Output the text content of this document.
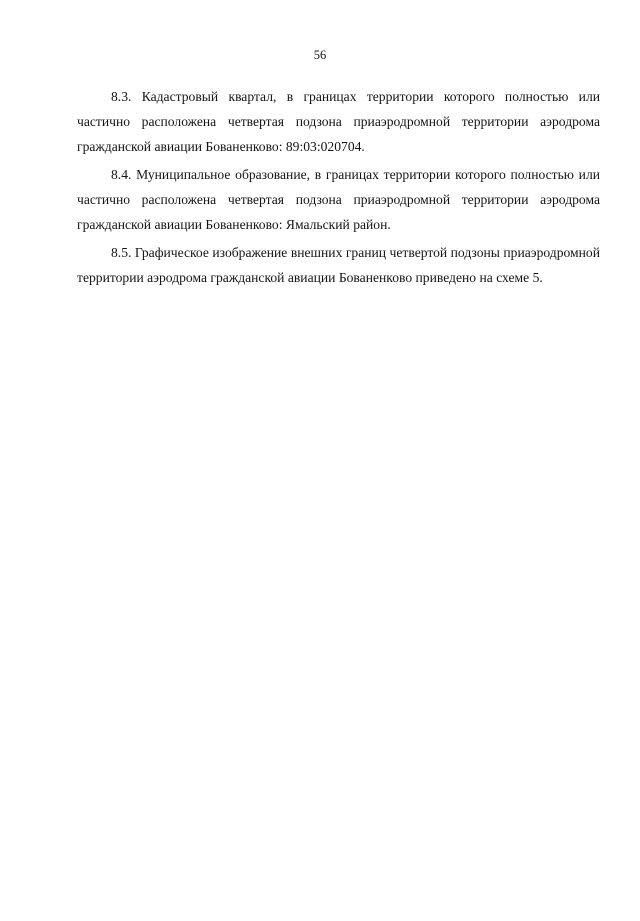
56

8.3. Кадастровый квартал, в границах территории которого полностью или частично расположена четвертая подзона приаэродромной территории аэродрома гражданской авиации Бованенково: 89:03:020704.

8.4. Муниципальное образование, в границах территории которого полностью или частично расположена четвертая подзона приаэродромной территории аэродрома гражданской авиации Бованенково: Ямальский район.

8.5. Графическое изображение внешних границ четвертой подзоны приаэродромной территории аэродрома гражданской авиации Бованенково приведено на схеме 5.
